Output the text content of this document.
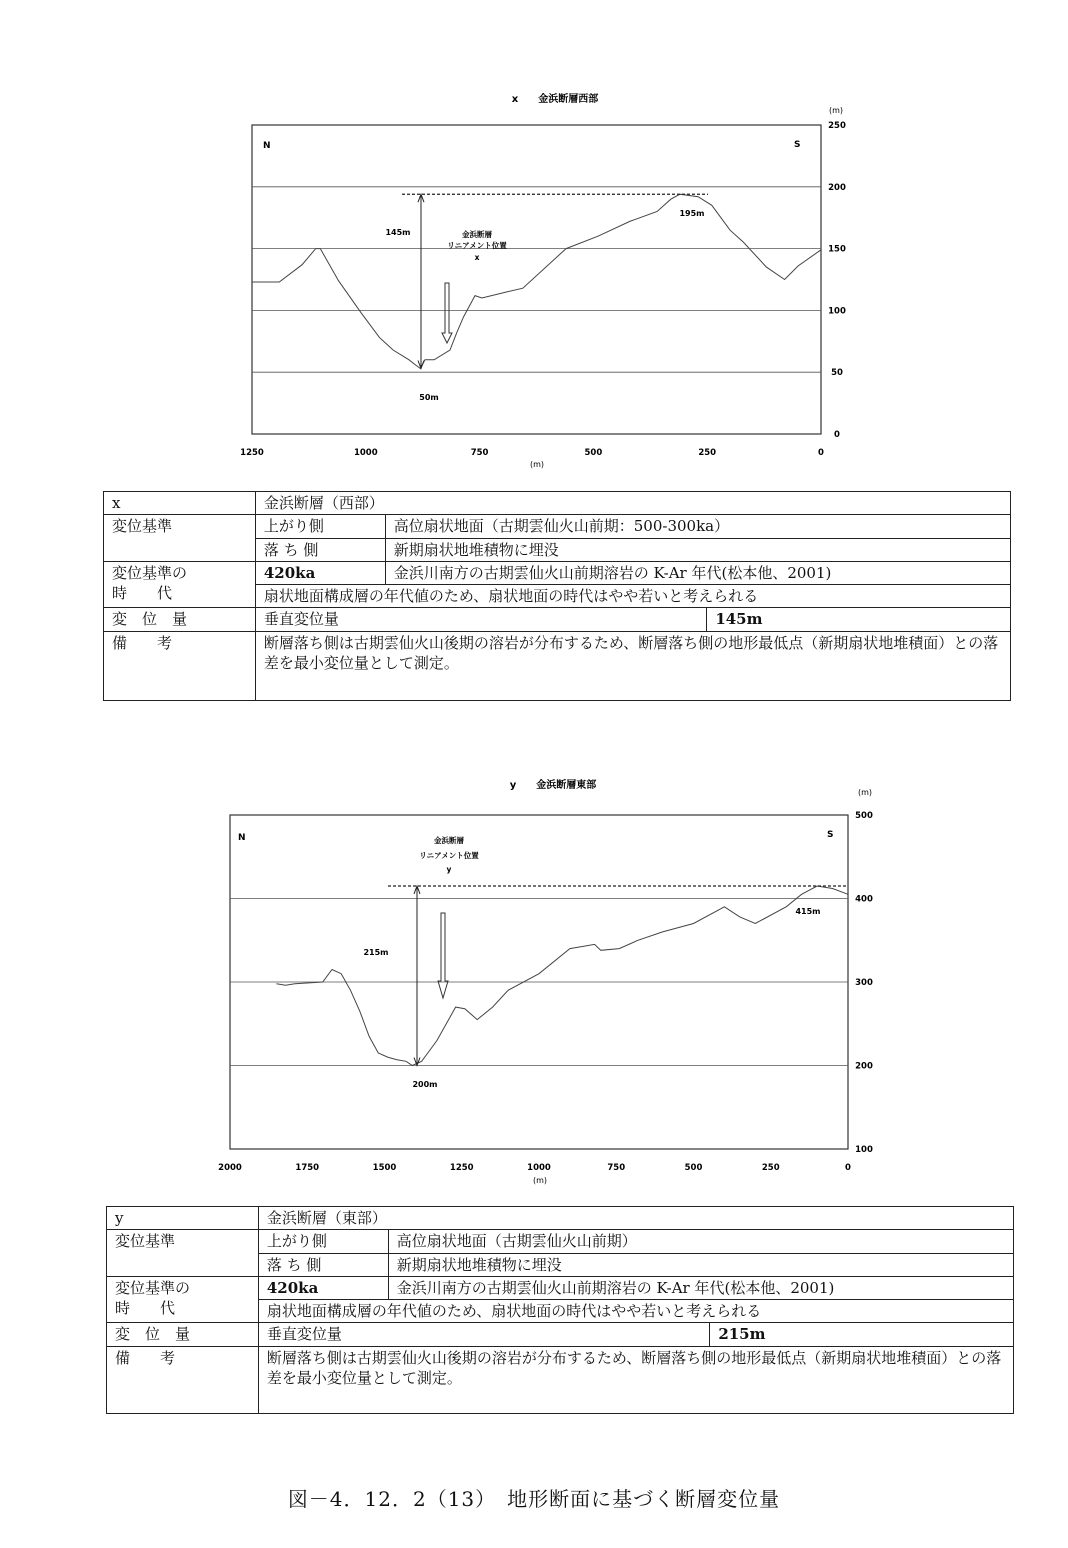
x　　金浜断層西部
(m)
250
200
150
100
50
0
1250	1000	750	500	250	0
N	S
金浜断層
リニアメント位置
x
145m
195m
50m
(m)
x	金浜断層（西部）		
変位基準	上がり側	高位扇状地面（古期雲仙火山前期：500-300ka）	
	落 ち 側	新期扇状地堆積物に埋没	

変位基準の
時　　代	420ka	金浜川南方の古期雲仙火山前期溶岩の K-Ar 年代(松本他、2001)	
	扇状地面構成層の年代値のため、扇状地面の時代はやや若いと考えられる		
変　位　量	垂直変位量		145m
備　　考	断層落ち側は古期雲仙火山後期の溶岩が分布するため、断層落ち側の地形最低点（新期扇状地堆積面）との落差を最小変位量として測定。		
y　　金浜断層東部
(m)
500
400
300
200
100
2000	1750	1500	1250	1000	750	500	250	0
N	S
金浜断層
リニアメント位置
y
215m
415m
200m
(m)
y	金浜断層（東部）		
変位基準	上がり側	高位扇状地面（古期雲仙火山前期）	
	落 ち 側	新期扇状地堆積物に埋没	

変位基準の
時　　代	420ka	金浜川南方の古期雲仙火山前期溶岩の K-Ar 年代(松本他、2001)	
	扇状地面構成層の年代値のため、扇状地面の時代はやや若いと考えられる		
変　位　量	垂直変位量		215m
備　　考	断層落ち側は古期雲仙火山後期の溶岩が分布するため、断層落ち側の地形最低点（新期扇状地堆積面）との落差を最小変位量として測定。		
図－4．12．2（13）　地形断面に基づく断層変位量
